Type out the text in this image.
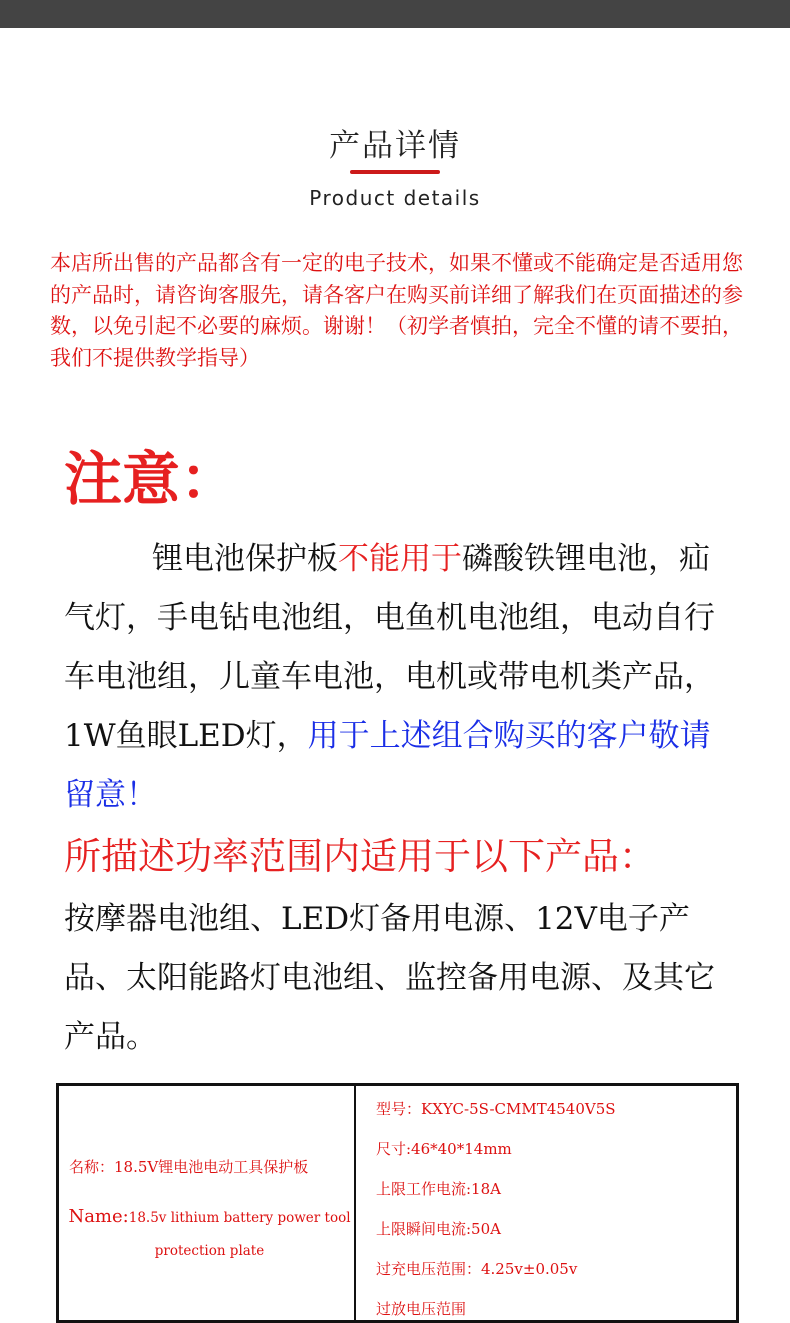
产品详情
Product details
本店所出售的产品都含有一定的电子技术，如果不懂或不能确定是否适用您的产品时，请咨询客服先，请各客户在购买前详细了解我们在页面描述的参数，以免引起不必要的麻烦。谢谢！（初学者慎拍，完全不懂的请不要拍，我们不提供教学指导）
注意：
锂电池保护板不能用于磷酸铁锂电池，疝气灯，手电钻电池组，电鱼机电池组，电动自行车电池组，儿童车电池，电机或带电机类产品，1W鱼眼LED灯，用于上述组合购买的客户敬请留意！
所描述功率范围内适用于以下产品：
按摩器电池组、LED灯备用电源、12V电子产品、太阳能路灯电池组、监控备用电源、及其它产品。
名称：18.5V锂电池电动工具保护板
Name:18.5v lithium battery power tool protection plate
型号：KXYC-5S-CMMT4540V5S
尺寸:46*40*14mm
上限工作电流:18A
上限瞬间电流:50A
过充电压范围：4.25v±0.05v
过放电压范围
